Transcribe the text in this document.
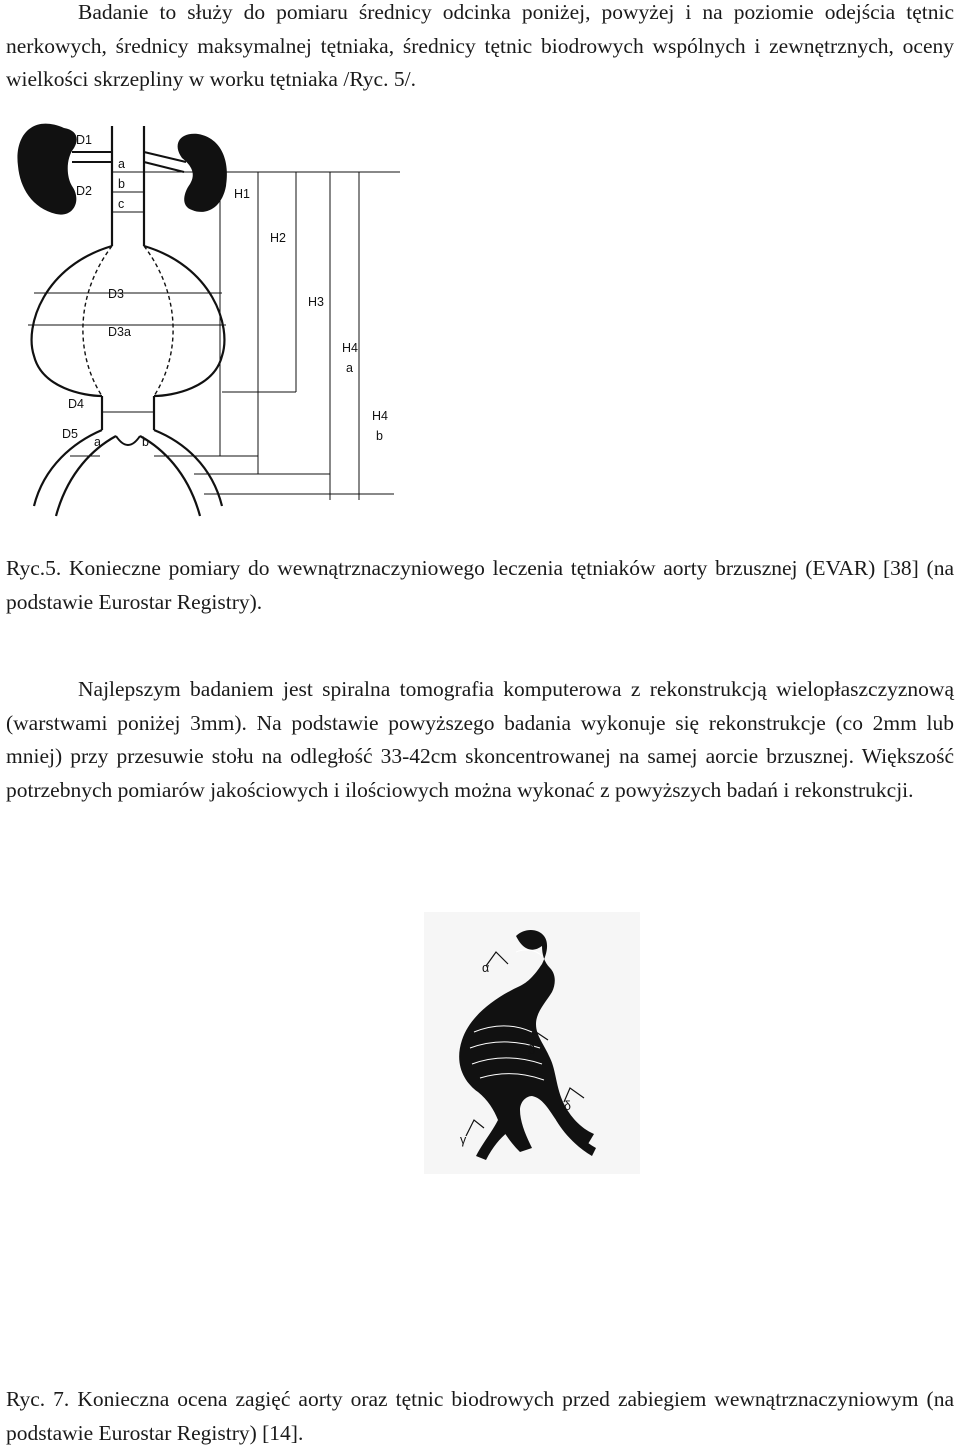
Badanie to służy do pomiaru średnicy odcinka poniżej, powyżej i na poziomie odejścia tętnic nerkowych, średnicy maksymalnej tętniaka, średnicy tętnic biodrowych wspólnych i zewnętrznych, oceny wielkości skrzepliny w worku tętniaka /Ryc. 5/.

D1
D2
a
b
c
D3
D3a
D4
D5
a	b
H1
H2
H3
H4
a
H4
b

Ryc.5. Konieczne pomiary do wewnątrznaczyniowego leczenia tętniaków aorty brzusznej (EVAR) [38] (na podstawie Eurostar Registry).

Najlepszym badaniem jest spiralna tomografia komputerowa z rekonstrukcją wielopłaszczyznową (warstwami poniżej 3mm). Na podstawie powyższego badania wykonuje się rekonstrukcje (co 2mm lub mniej) przy przesuwie stołu na odległość 33-42cm skoncentrowanej na samej aorcie brzusznej. Większość potrzebnych pomiarów jakościowych i ilościowych można wykonać z powyższych badań i rekonstrukcji.

α
β
γ
δ

Ryc. 7. Konieczna ocena zagięć aorty oraz tętnic biodrowych przed zabiegiem wewnątrznaczyniowym (na podstawie Eurostar Registry) [14].
